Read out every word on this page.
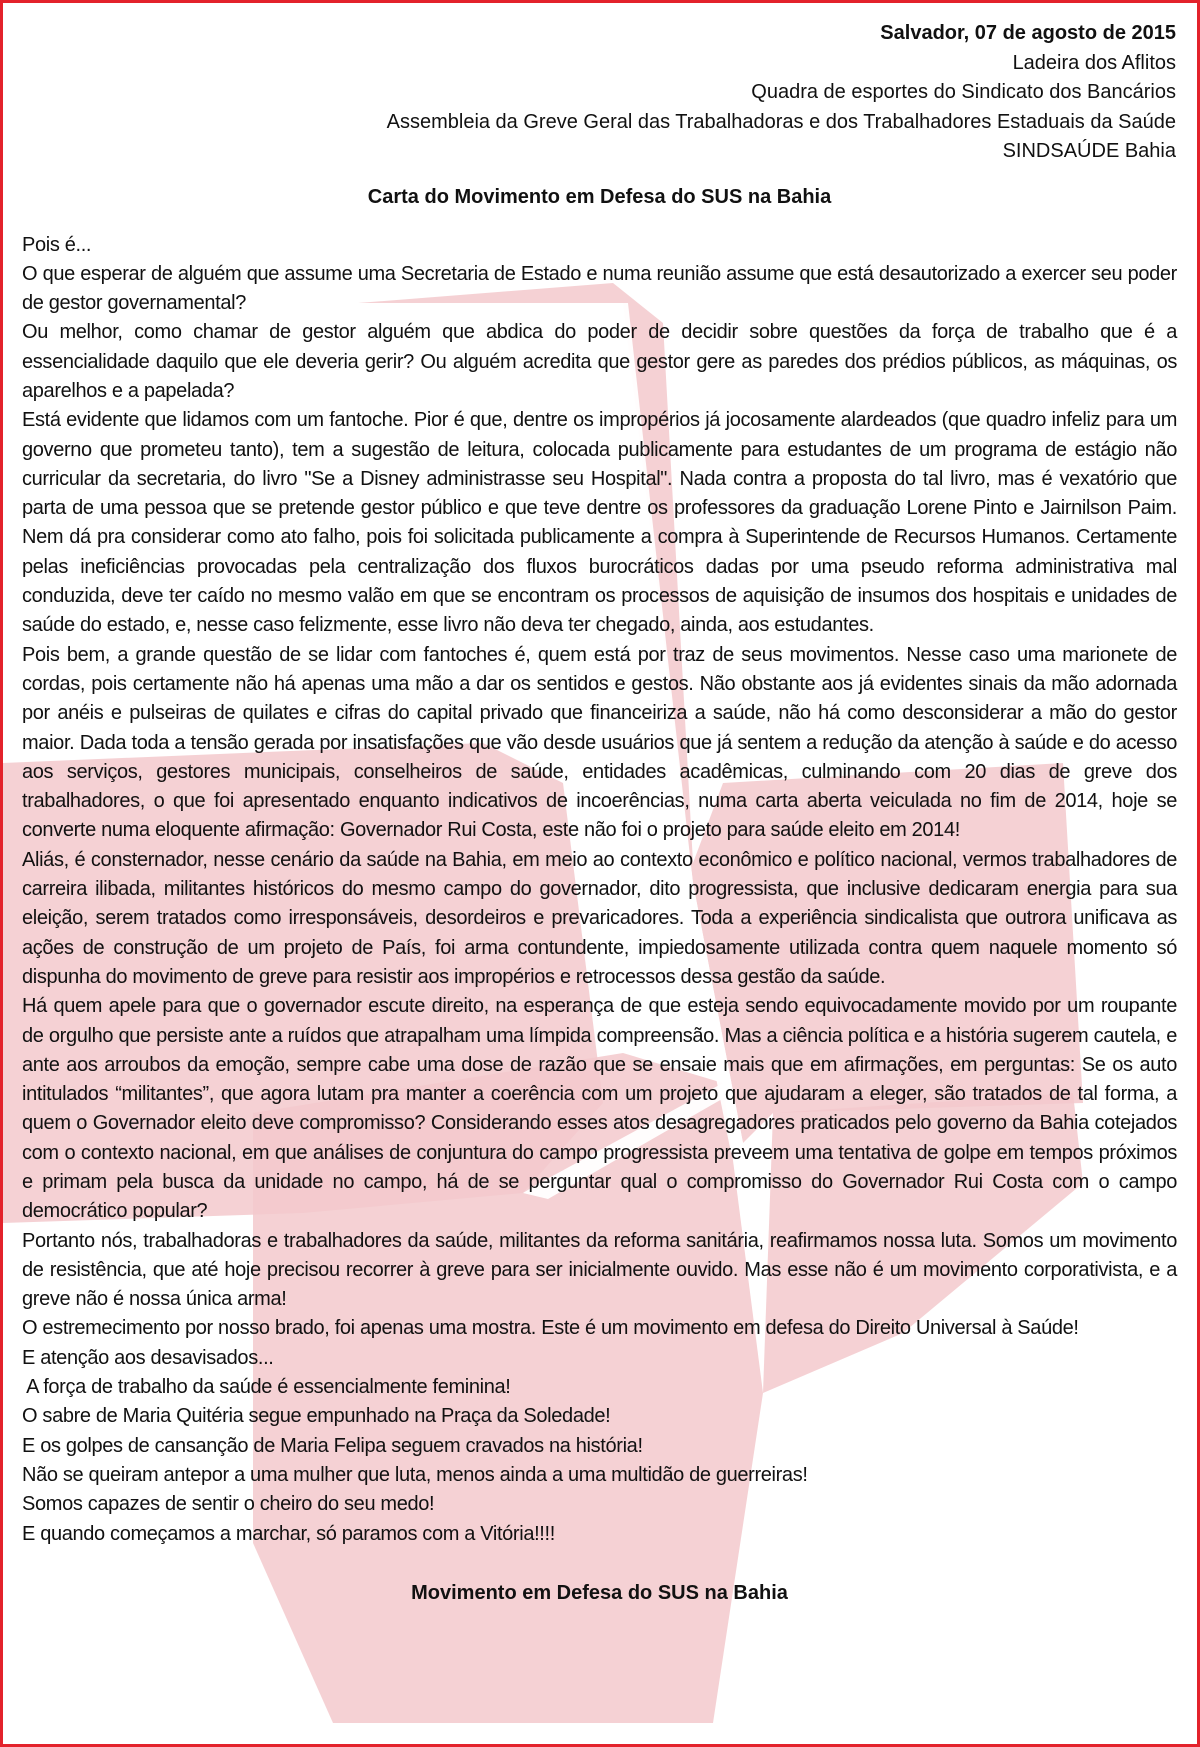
Salvador, 07 de agosto de 2015
Ladeira dos Aflitos
Quadra de esportes do Sindicato dos Bancários
Assembleia da Greve Geral das Trabalhadoras e dos Trabalhadores Estaduais da Saúde
SINDSAÚDE Bahia
Carta do Movimento em Defesa do SUS na Bahia

Pois é...

O que esperar de alguém que assume uma Secretaria de Estado e numa reunião assume que está desautorizado a exercer seu poder de gestor governamental?

Ou melhor, como chamar de gestor alguém que abdica do poder de decidir sobre questões da força de trabalho que é a essencialidade daquilo que ele deveria gerir? Ou alguém acredita que gestor gere as paredes dos prédios públicos, as máquinas, os aparelhos e a papelada?

Está evidente que lidamos com um fantoche. Pior é que, dentre os impropérios já jocosamente alardeados (que quadro infeliz para um governo que prometeu tanto), tem a sugestão de leitura, colocada publicamente para estudantes de um programa de estágio não curricular da secretaria, do livro "Se a Disney administrasse seu Hospital". Nada contra a proposta do tal livro, mas é vexatório que parta de uma pessoa que se pretende gestor público e que teve dentre os professores da graduação Lorene Pinto e Jairnilson Paim. Nem dá pra considerar como ato falho, pois foi solicitada publicamente a compra à Superintende de Recursos Humanos. Certamente pelas ineficiências provocadas pela centralização dos fluxos burocráticos dadas por uma pseudo reforma administrativa mal conduzida, deve ter caído no mesmo valão em que se encontram os processos de aquisição de insumos dos hospitais e unidades de saúde do estado, e, nesse caso felizmente, esse livro não deva ter chegado, ainda, aos estudantes.

Pois bem, a grande questão de se lidar com fantoches é, quem está por traz de seus movimentos. Nesse caso uma marionete de cordas, pois certamente não há apenas uma mão a dar os sentidos e gestos. Não obstante aos já evidentes sinais da mão adornada por anéis e pulseiras de quilates e cifras do capital privado que financeiriza a saúde, não há como desconsiderar a mão do gestor maior. Dada toda a tensão gerada por insatisfações que vão desde usuários que já sentem a redução da atenção à saúde e do acesso aos serviços, gestores municipais, conselheiros de saúde, entidades acadêmicas, culminando com 20 dias de greve dos trabalhadores, o que foi apresentado enquanto indicativos de incoerências, numa carta aberta veiculada no fim de 2014, hoje se converte numa eloquente afirmação: Governador Rui Costa, este não foi o projeto para saúde eleito em 2014!

Aliás, é consternador, nesse cenário da saúde na Bahia, em meio ao contexto econômico e político nacional, vermos trabalhadores de carreira ilibada, militantes históricos do mesmo campo do governador, dito progressista, que inclusive dedicaram energia para sua eleição, serem tratados como irresponsáveis, desordeiros e prevaricadores. Toda a experiência sindicalista que outrora unificava as ações de construção de um projeto de País, foi arma contundente, impiedosamente utilizada contra quem naquele momento só dispunha do movimento de greve para resistir aos impropérios e retrocessos dessa gestão da saúde.

Há quem apele para que o governador escute direito, na esperança de que esteja sendo equivocadamente movido por um roupante de orgulho que persiste ante a ruídos que atrapalham uma límpida compreensão. Mas a ciência política e a história sugerem cautela, e ante aos arroubos da emoção, sempre cabe uma dose de razão que se ensaie mais que em afirmações, em perguntas: Se os auto intitulados “militantes”, que agora lutam pra manter a coerência com um projeto que ajudaram a eleger, são tratados de tal forma, a quem o Governador eleito deve compromisso? Considerando esses atos desagregadores praticados pelo governo da Bahia cotejados com o contexto nacional, em que análises de conjuntura do campo progressista preveem uma tentativa de golpe em tempos próximos e primam pela busca da unidade no campo, há de se perguntar qual o compromisso do Governador Rui Costa com o campo democrático popular?

Portanto nós, trabalhadoras e trabalhadores da saúde, militantes da reforma sanitária, reafirmamos nossa luta. Somos um movimento de resistência, que até hoje precisou recorrer à greve para ser inicialmente ouvido. Mas esse não é um movimento corporativista, e a greve não é nossa única arma!

O estremecimento por nosso brado, foi apenas uma mostra. Este é um movimento em defesa do Direito Universal à Saúde!

E atenção aos desavisados...

A força de trabalho da saúde é essencialmente feminina!

O sabre de Maria Quitéria segue empunhado na Praça da Soledade!

E os golpes de cansanção de Maria Felipa seguem cravados na história!

Não se queiram antepor a uma mulher que luta, menos ainda a uma multidão de guerreiras!

Somos capazes de sentir o cheiro do seu medo!

E quando começamos a marchar, só paramos com a Vitória!!!!

Movimento em Defesa do SUS na Bahia
